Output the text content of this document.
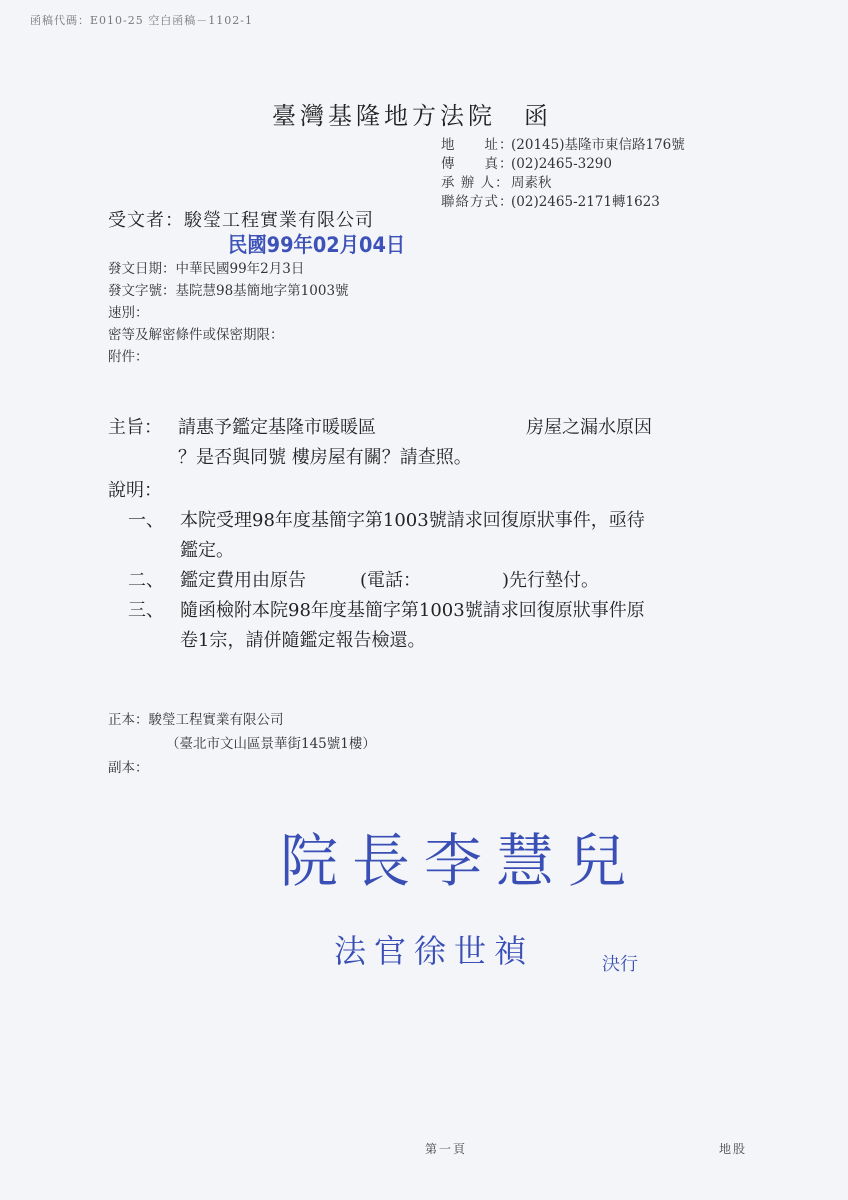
函稿代碼：E010-25 空白函稿－1102-1
臺灣基隆地方法院　函
地　　址：
(20145)基隆市東信路176號
傳　　真：
(02)2465-3290
承 辦 人： 周素秋
聯絡方式：
(02)2465-2171轉1623
受文者：駿瑩工程實業有限公司
民國99年02月04日
發文日期：中華民國99年2月3日
發文字號：基院慧98基簡地字第1003號
速別：
密等及解密條件或保密期限：
附件：
主旨： 請惠予鑑定基隆市暖暖區	房屋之漏水原因
？是否與同號 樓房屋有關？請查照。
說明：
一、 本院受理98年度基簡字第1003號請求回復原狀事件，亟待
鑑定。
二、 鑑定費用由原告　　　(電話：　　　　　)先行墊付。
三、 隨函檢附本院98年度基簡字第1003號請求回復原狀事件原
卷1宗，請併隨鑑定報告檢還。
正本：駿瑩工程實業有限公司
（臺北市文山區景華街145號1樓）
副本：
院長李慧兒
法官徐世禎	決行
第一頁	地股
